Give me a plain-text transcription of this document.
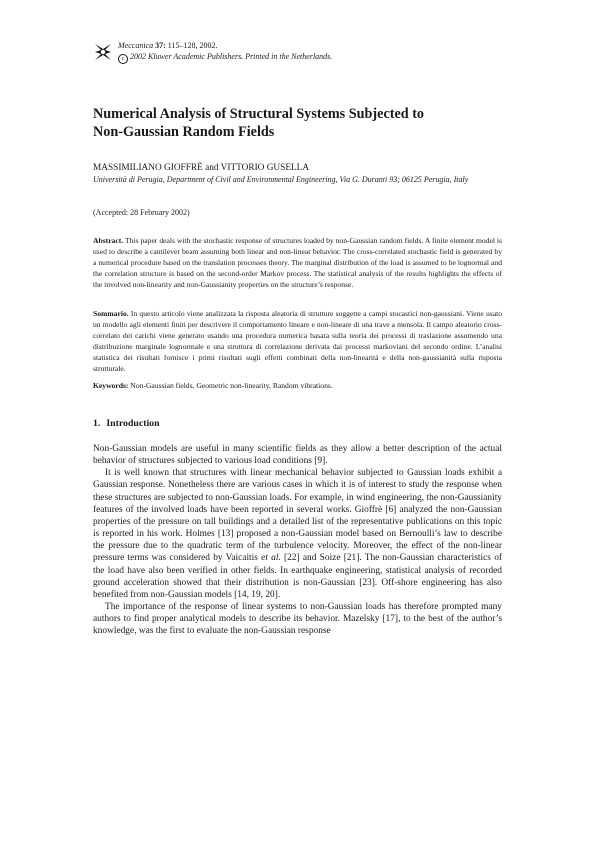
Meccanica 37: 115–128, 2002.
c 2002 Kluwer Academic Publishers. Printed in the Netherlands.
Numerical Analysis of Structural Systems Subjected to
Non-Gaussian Random Fields
MASSIMILIANO GIOFFRÈ and VITTORIO GUSELLA
Università di Perugia, Department of Civil and Environmental Engineering, Via G. Duranti 93; 06125 Perugia, Italy
(Accepted: 28 February 2002)
Abstract. This paper deals with the stochastic response of structures loaded by non-Gaussian random fields. A finite element model is used to describe a cantilever beam assuming both linear and non-linear behavior. The cross-correlated stochastic field is generated by a numerical procedure based on the translation processes theory. The marginal distribution of the load is assumed to be lognormal and the correlation structure is based on the second-order Markov process. The statistical analysis of the results highlights the effects of the involved non-linearity and non-Gaussianity properties on the structure’s response.
Sommario. In questo articolo viene analizzata la risposta aleatoria di strutture soggette a campi stocastici non-gaussiani. Viene usato un modello agli elementi finiti per descrivere il comportamento lineare e non-lineare di una trave a mensola. Il campo aleatorio cross-correlato dei carichi viene generato usando una procedura numerica basata sulla teoria dei processi di traslazione assumendo una distribuzione marginale lognormale e una struttura di correlazione derivata dai processi markoviani del secondo ordine. L’analisi statistica dei risultati fornisce i primi risultati sugli effetti combinati della non-linearità e della non-gaussianità sulla risposta strutturale.
Keywords: Non-Gaussian fields, Geometric non-linearity, Random vibrations.
1. Introduction

Non-Gaussian models are useful in many scientific fields as they allow a better description of the actual behavior of structures subjected to various load conditions [9].

It is well known that structures with linear mechanical behavior subjected to Gaussian loads exhibit a Gaussian response. Nonetheless there are various cases in which it is of interest to study the response when these structures are subjected to non-Gaussian loads. For example, in wind engineering, the non-Gaussianity features of the involved loads have been reported in several works. Gioffrè [6] analyzed the non-Gaussian properties of the pressure on tall buildings and a detailed list of the representative publications on this topic is reported in his work. Holmes [13] proposed a non-Gaussian model based on Bernoulli’s law to describe the pressure due to the quadratic term of the turbulence velocity. Moreover, the effect of the non-linear pressure terms was considered by Vaicaitis et al. [22] and Soize [21]. The non-Gaussian characteristics of the load have also been verified in other fields. In earthquake engineering, statistical analysis of recorded ground acceleration showed that their distribution is non-Gaussian [23]. Off-shore engineering has also benefited from non-Gaussian models [14, 19, 20].

The importance of the response of linear systems to non-Gaussian loads has therefore prompted many authors to find proper analytical models to describe its behavior. Mazelsky [17], to the best of the author’s knowledge, was the first to evaluate the non-Gaussian response
